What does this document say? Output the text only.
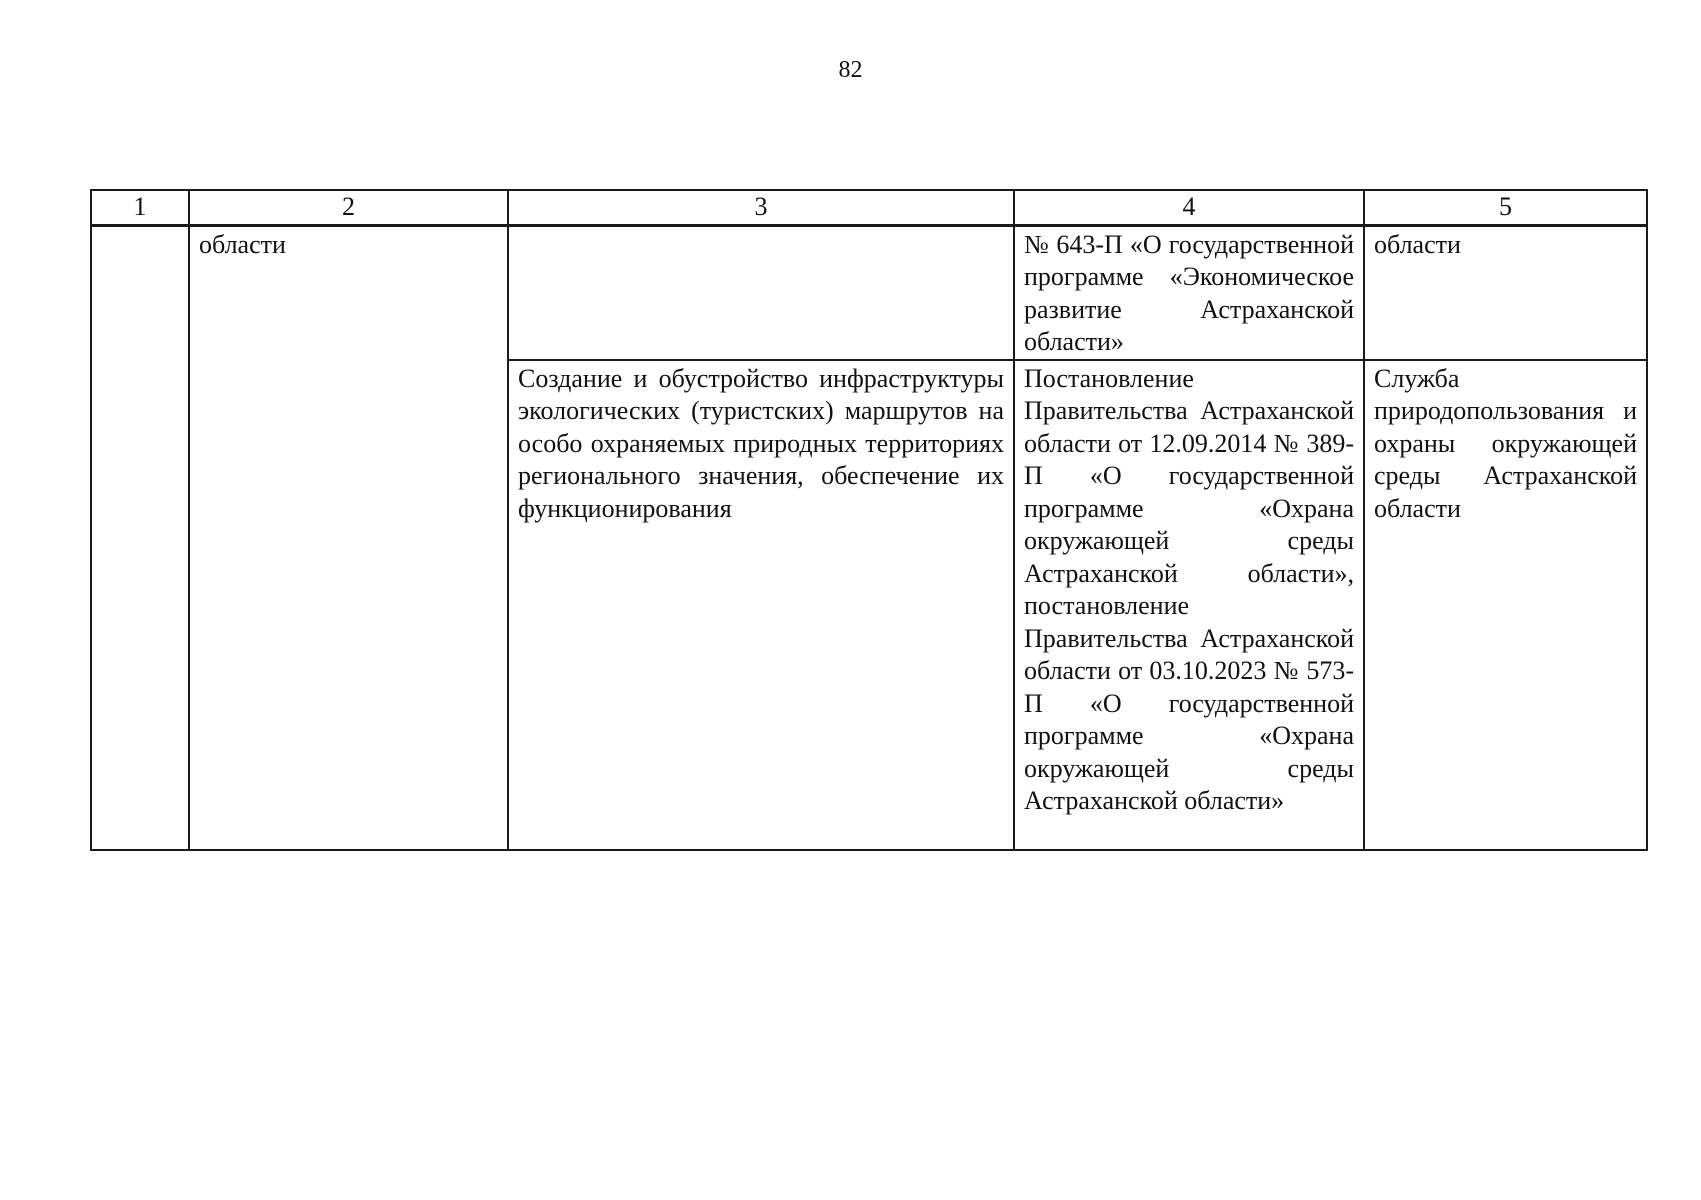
82
1	2	3	4	5
	области		№ 643-П «О государственной программе «Экономическое развитие Астраханской области»	области

		Создание и обустройство инфраструктуры экологических (туристских) маршрутов на особо охраняемых природных территориях регионального значения, обеспечение их функционирования	Постановление Правительства Астраханской области от 12.09.2014 № 389-П «О государственной программе «Охрана окружающей среды Астраханской области», постановление Правительства Астраханской области от 03.10.2023 № 573-П «О государственной программе «Охрана окружающей среды Астраханской области»	Служба природопользования и охраны окружающей среды Астраханской области
